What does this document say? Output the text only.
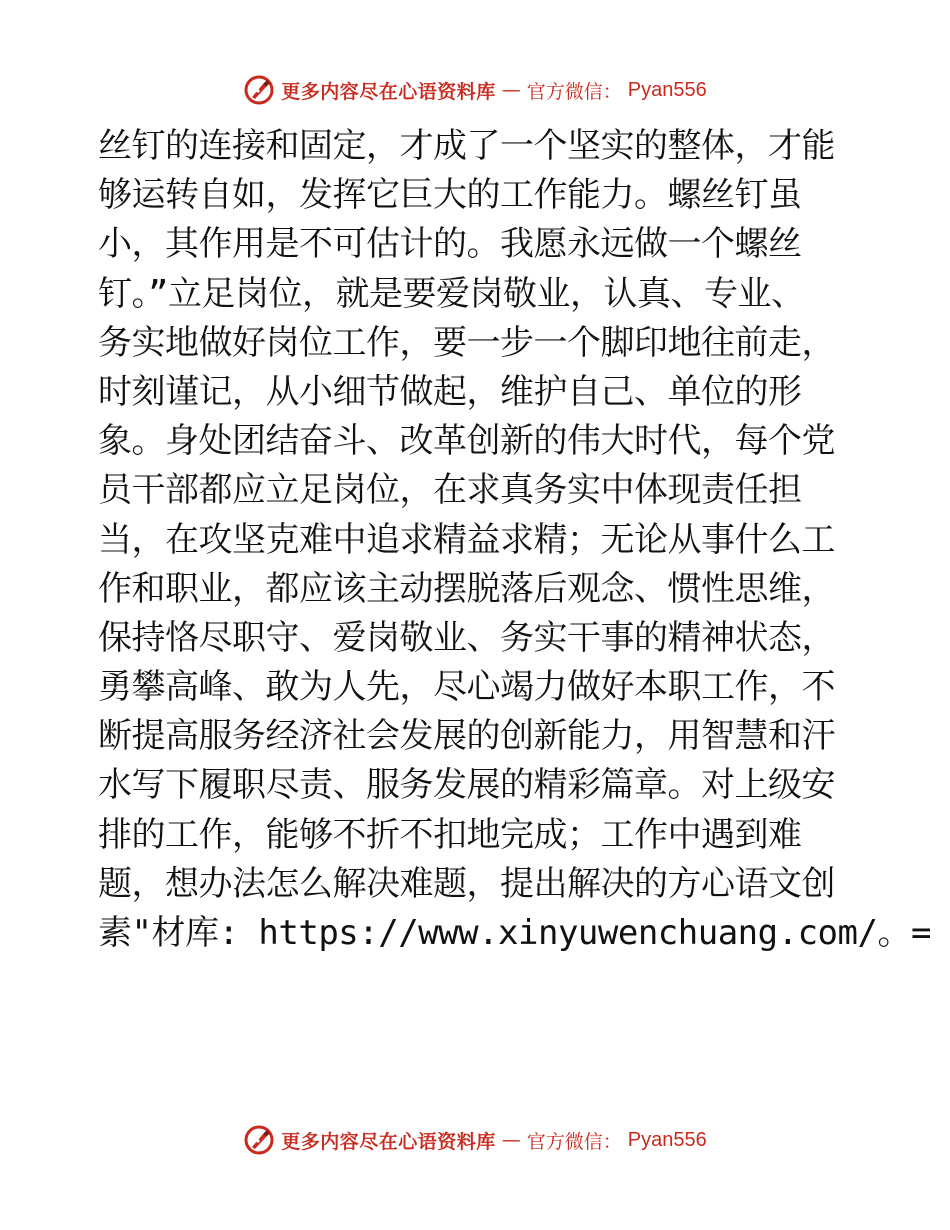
更多内容尽在心语资料库 — 官方微信： Pyan556
丝钉的连接和固定，才成了一个坚实的整体，才能
够运转自如，发挥它巨大的工作能力。螺丝钉虽
小，其作用是不可估计的。我愿永远做一个螺丝
钉。”立足岗位，就是要爱岗敬业，认真、专业、
务实地做好岗位工作，要一步一个脚印地往前走，
时刻谨记，从小细节做起，维护自己、单位的形
象。身处团结奋斗、改革创新的伟大时代，每个党
员干部都应立足岗位，在求真务实中体现责任担
当，在攻坚克难中追求精益求精；无论从事什么工
作和职业，都应该主动摆脱落后观念、惯性思维，
保持恪尽职守、爱岗敬业、务实干事的精神状态，
勇攀高峰、敢为人先，尽心竭力做好本职工作，不
断提高服务经济社会发展的创新能力，用智慧和汗
水写下履职尽责、服务发展的精彩篇章。对上级安
排的工作，能够不折不扣地完成；工作中遇到难
题，想办法怎么解决难题，提出解决的方心语文创
素"材库: https://www.xinyuwenchuang.com/。=
更多内容尽在心语资料库 — 官方微信： Pyan556
